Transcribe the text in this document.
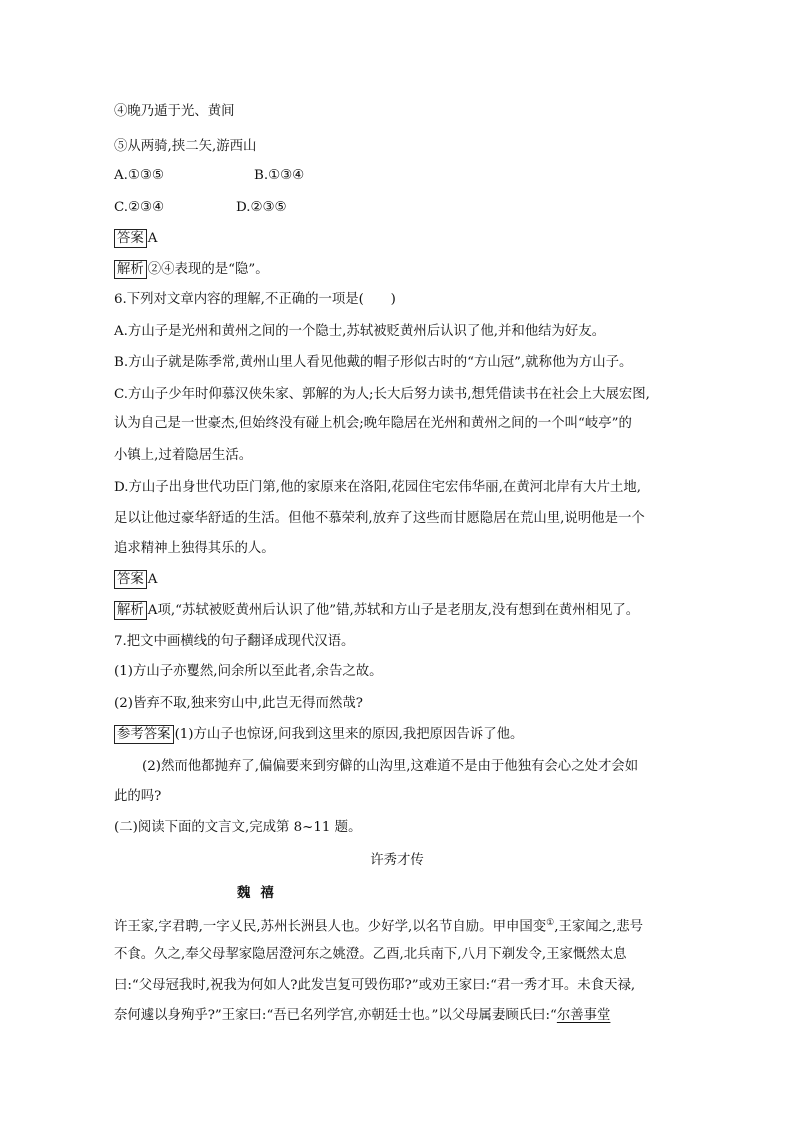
④晚乃遁于光、黄间
⑤从两骑,挟二矢,游西山
A.①③⑤	B.①③④
C.②③④	D.②③⑤
答案 A
解析 ②④表现的是“隐”。
6.下列对文章内容的理解,不正确的一项是(　　)
A.方山子是光州和黄州之间的一个隐士,苏轼被贬黄州后认识了他,并和他结为好友。
B.方山子就是陈季常,黄州山里人看见他戴的帽子形似古时的“方山冠”,就称他为方山子。
C.方山子少年时仰慕汉侠朱家、郭解的为人;长大后努力读书,想凭借读书在社会上大展宏图,
认为自己是一世豪杰,但始终没有碰上机会;晚年隐居在光州和黄州之间的一个叫“岐亭”的
小镇上,过着隐居生活。
D.方山子出身世代功臣门第,他的家原来在洛阳,花园住宅宏伟华丽,在黄河北岸有大片土地,
足以让他过豪华舒适的生活。但他不慕荣利,放弃了这些而甘愿隐居在荒山里,说明他是一个
追求精神上独得其乐的人。
答案 A
解析 A项,“苏轼被贬黄州后认识了他”错,苏轼和方山子是老朋友,没有想到在黄州相见了。
7.把文中画横线的句子翻译成现代汉语。
(1)方山子亦矍然,问余所以至此者,余告之故。
(2)皆弃不取,独来穷山中,此岂无得而然哉?
参考答案 (1)方山子也惊讶,问我到这里来的原因,我把原因告诉了他。
(2)然而他都抛弃了,偏偏要来到穷僻的山沟里,这难道不是由于他独有会心之处才会如
此的吗?
(二)阅读下面的文言文,完成第 8~11 题。
许秀才传
魏禧
许王家,字君聘,一字乂民,苏州长洲县人也。少好学,以名节自励。甲申国变①,王家闻之,悲号
不食。久之,奉父母挈家隐居澄河东之姚澄。乙酉,北兵南下,八月下剃发令,王家慨然太息
曰:“父母冠我时,祝我为何如人?此发岂复可毁伤耶?”或劝王家曰:“君一秀才耳。未食天禄,
奈何遽以身殉乎?”王家曰:“吾已名列学宫,亦朝廷士也。”以父母属妻顾氏曰:“尔善事堂
